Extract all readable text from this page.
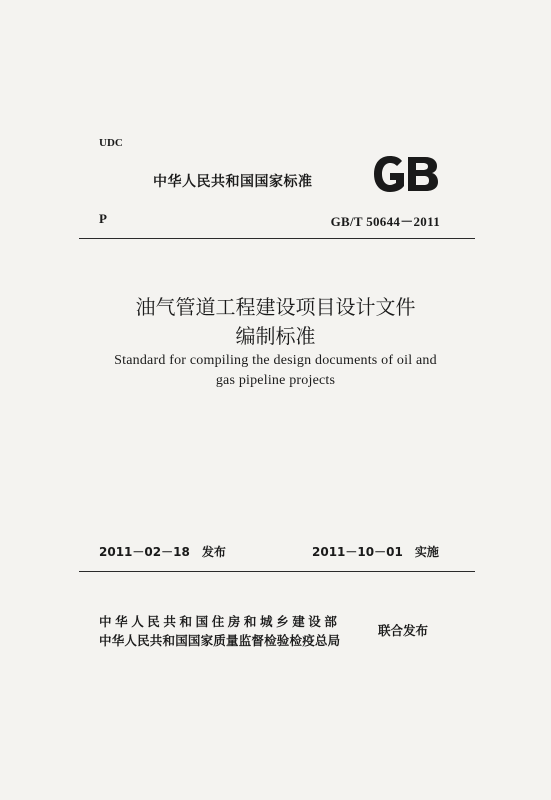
UDC
中华人民共和国国家标准
P	GB/T 50644－2011
油气管道工程建设项目设计文件
编制标准
Standard for compiling the design documents of oil and
gas pipeline projects
2011－02－18 发布	2011－10－01 实施
中华人民共和国住房和城乡建设部
中华人民共和国国家质量监督检验检疫总局
联合发布
